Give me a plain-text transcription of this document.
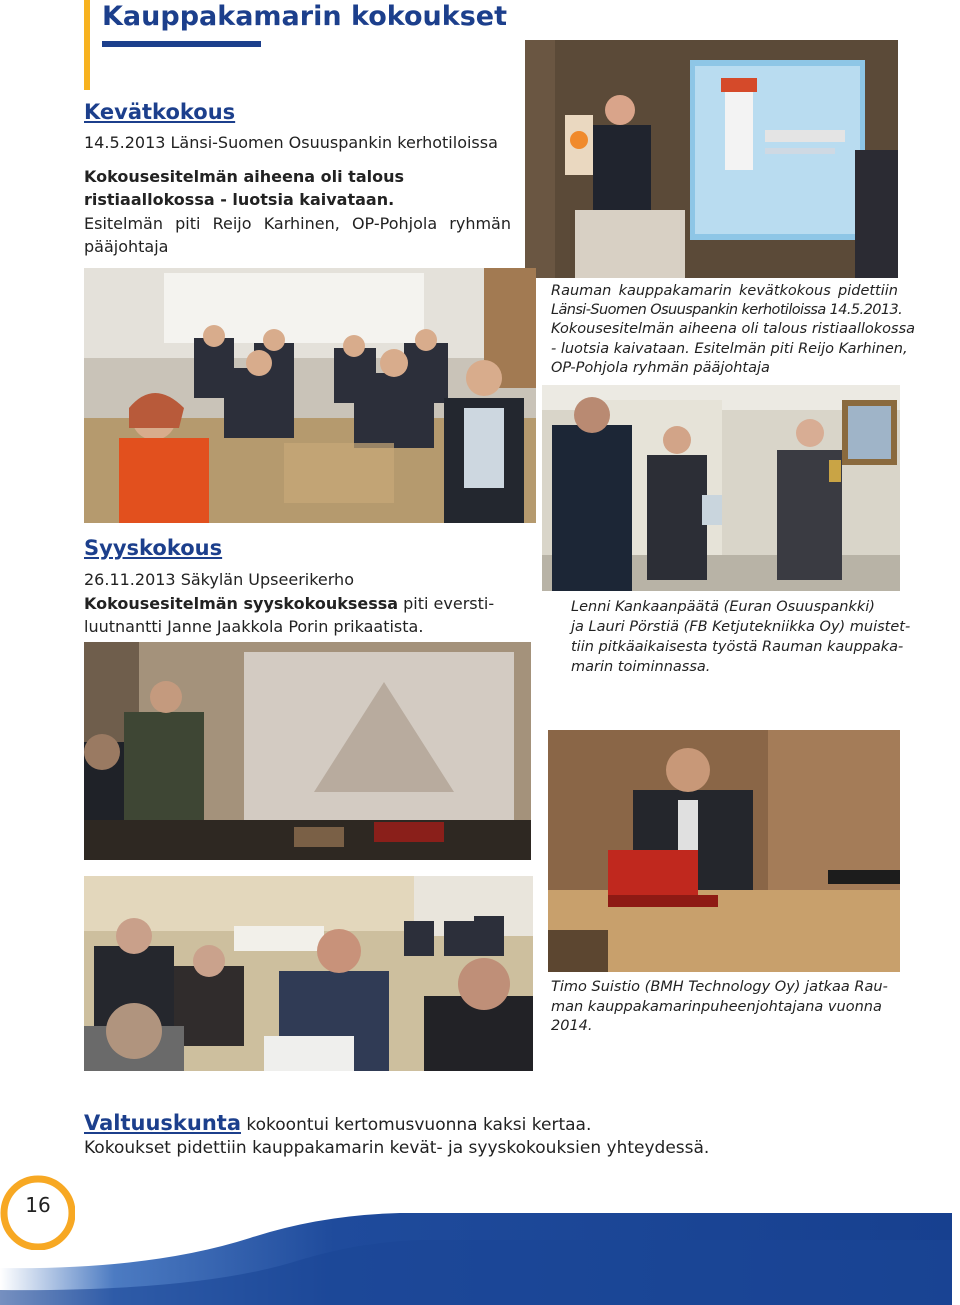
Kauppakamarin kokoukset
Kevätkokous

14.5.2013 Länsi-Suomen Osuuspankin kerhotiloissa

Kokousesitelmän aiheena oli talous

ristiaallokossa - luotsia kaivataan.

Esitelmän piti Reijo Karhinen, OP-Pohjola ryhmän

pääjohtaja

Rauman kauppakamarin kevätkokous pidettiin

Länsi-Suomen Osuuspankin kerhotiloissa 14.5.2013.

Kokousesitelmän aiheena oli talous ristiaallokossa

- luotsia kaivataan. Esitelmän piti Reijo Karhinen,

OP-Pohjola ryhmän pääjohtaja

Syyskokous

26.11.2013 Säkylän Upseerikerho

Kokousesitelmän syyskokouksessa piti eversti-

luutnantti Janne Jaakkola Porin prikaatista.

Lenni Kankaanpäätä (Euran Osuuspankki)

ja Lauri Pörstiä (FB Ketjutekniikka Oy) muistet-

tiin pitkäaikaisesta työstä Rauman kauppaka-

marin toiminnassa.

Timo Suistio (BMH Technology Oy) jatkaa Rau-

man kauppakamarinpuheenjohtajana vuonna

2014.

Valtuuskunta kokoontui kertomusvuonna kaksi kertaa.

Kokoukset pidettiin kauppakamarin kevät- ja syyskokouksien yhteydessä.

16
